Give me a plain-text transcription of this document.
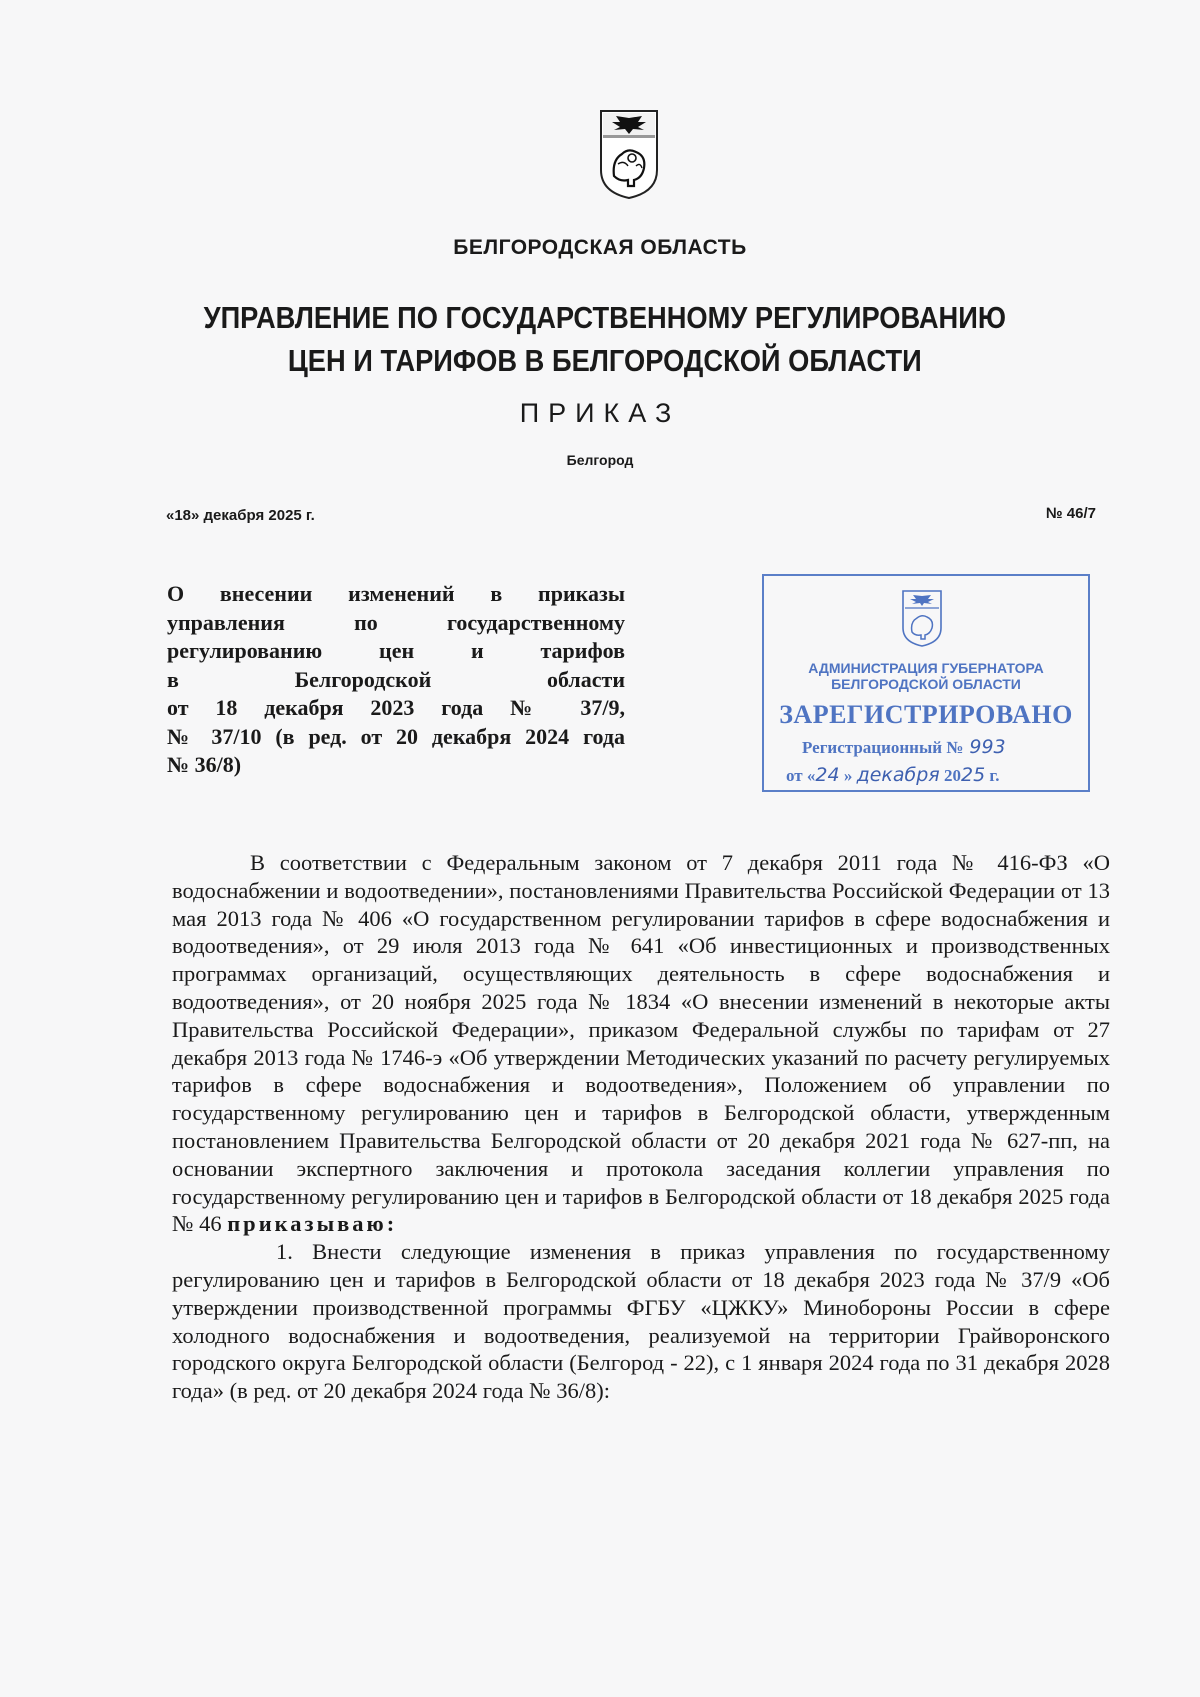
БЕЛГОРОДСКАЯ ОБЛАСТЬ
УПРАВЛЕНИЕ ПО ГОСУДАРСТВЕННОМУ РЕГУЛИРОВАНИЮ
ЦЕН И ТАРИФОВ В БЕЛГОРОДСКОЙ ОБЛАСТИ
ПРИКАЗ
Белгород
«18» декабря 2025 г.	№ 46/7
О внесении изменений в приказы
управления по государственному
регулированию цен и тарифов
в Белгородской области
от 18 декабря 2023 года № 37/9,
№ 37/10 (в ред. от 20 декабря 2024 года
№ 36/8)
АДМИНИСТРАЦИЯ ГУБЕРНАТОРА
БЕЛГОРОДСКОЙ ОБЛАСТИ
ЗАРЕГИСТРИРОВАНО
Регистрационный № 993
от «24 » декабря 2025 г.

В соответствии с Федеральным законом от 7 декабря 2011 года № 416-ФЗ «О водоснабжении и водоотведении», постановлениями Правительства Российской Федерации от 13 мая 2013 года № 406 «О государственном регулировании тарифов в сфере водоснабжения и водоотведения», от 29 июля 2013 года № 641 «Об инвестиционных и производственных программах организаций, осуществляющих деятельность в сфере водоснабжения и водоотведения», от 20 ноября 2025 года № 1834 «О внесении изменений в некоторые акты Правительства Российской Федерации», приказом Федеральной службы по тарифам от 27 декабря 2013 года № 1746-э «Об утверждении Методических указаний по расчету регулируемых тарифов в сфере водоснабжения и водоотведения», Положением об управлении по государственному регулированию цен и тарифов в Белгородской области, утвержденным постановлением Правительства Белгородской области от 20 декабря 2021 года № 627-пп, на основании экспертного заключения и протокола заседания коллегии управления по государственному регулированию цен и тарифов в Белгородской области от 18 декабря 2025 года № 46 приказываю:

1. Внести следующие изменения в приказ управления по государственному регулированию цен и тарифов в Белгородской области от 18 декабря 2023 года № 37/9 «Об утверждении производственной программы ФГБУ «ЦЖКУ» Минобороны России в сфере холодного водоснабжения и водоотведения, реализуемой на территории Грайворонского городского округа Белгородской области (Белгород - 22), с 1 января 2024 года по 31 декабря 2028 года» (в ред. от 20 декабря 2024 года № 36/8):
